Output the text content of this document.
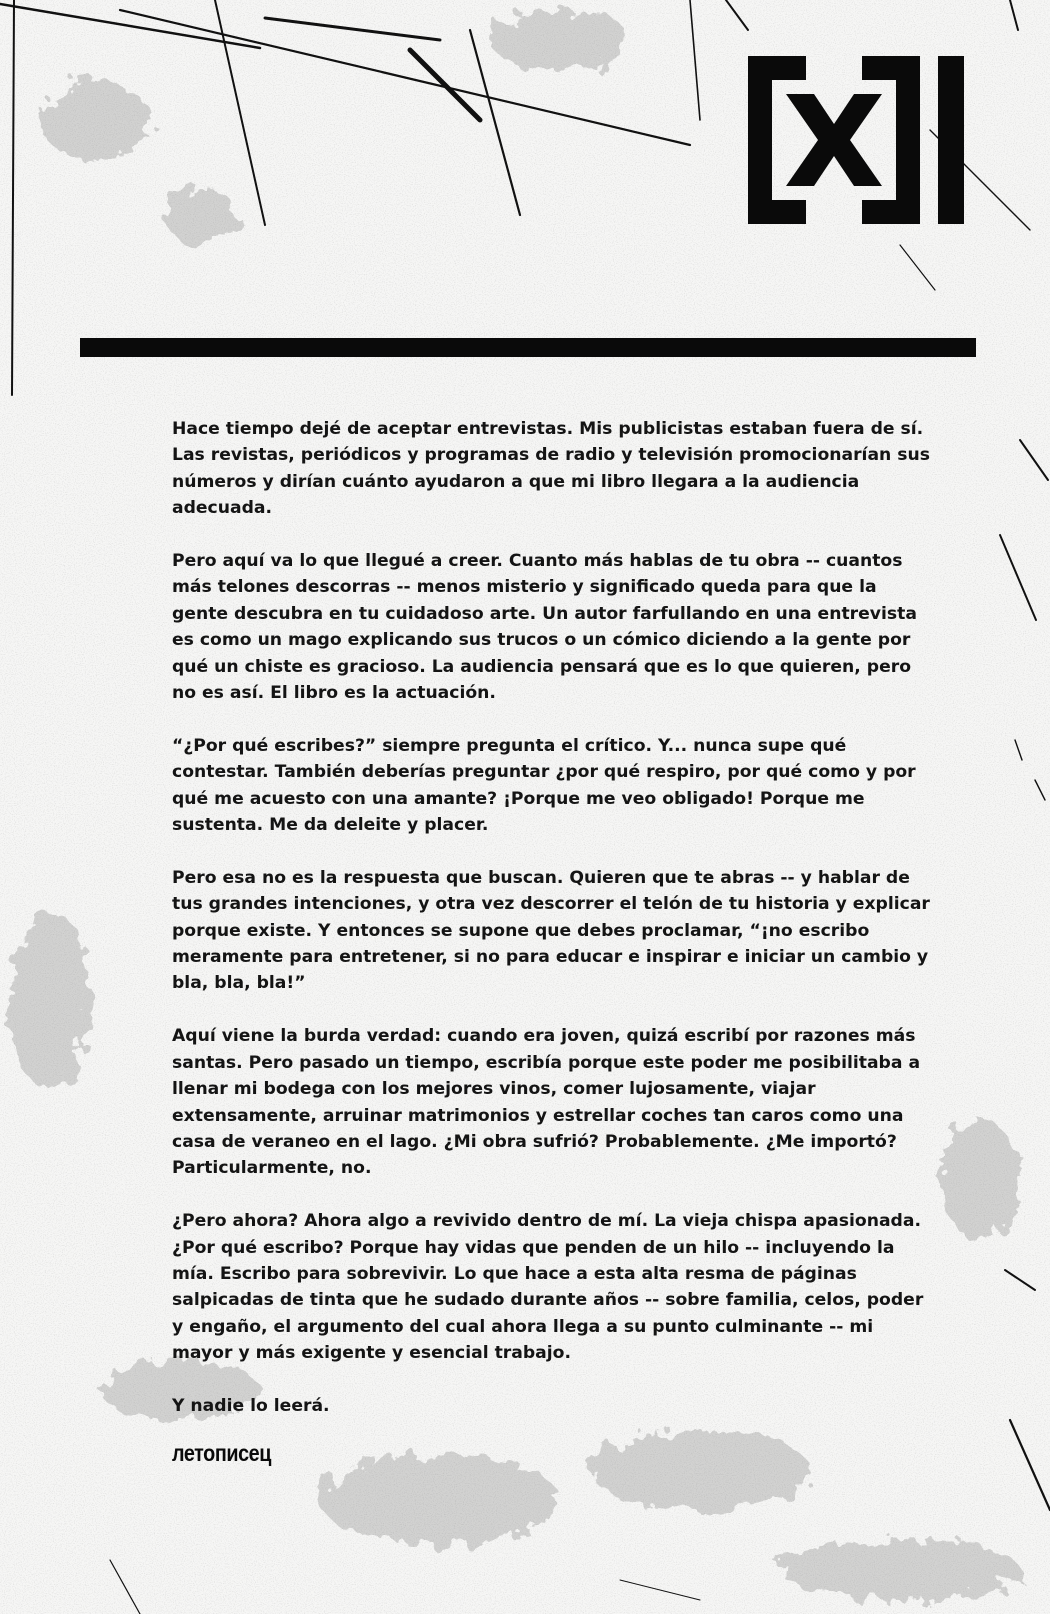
Hace tiempo dejé de aceptar entrevistas. Mis publicistas estaban fuera de sí. Las revistas, periódicos y programas de radio y televisión promocionarían sus números y dirían cuánto ayudaron a que mi libro llegara a la audiencia adecuada.

Pero aquí va lo que llegué a creer. Cuanto más hablas de tu obra -- cuantos más telones descorras -- menos misterio y significado queda para que la gente descubra en tu cuidadoso arte. Un autor farfullando en una entrevista es como un mago explicando sus trucos o un cómico diciendo a la gente por qué un chiste es gracioso. La audiencia pensará que es lo que quieren, pero no es así. El libro es la actuación.

“¿Por qué escribes?” siempre pregunta el crítico. Y... nunca supe qué contestar. También deberías preguntar ¿por qué respiro, por qué como y por qué me acuesto con una amante? ¡Porque me veo obligado! Porque me sustenta. Me da deleite y placer.

Pero esa no es la respuesta que buscan. Quieren que te abras -- y hablar de tus grandes intenciones, y otra vez descorrer el telón de tu historia y explicar porque existe. Y entonces se supone que debes proclamar, “¡no escribo meramente para entretener, si no para educar e inspirar e iniciar un cambio y bla, bla, bla!”

Aquí viene la burda verdad: cuando era joven, quizá escribí por razones más santas. Pero pasado un tiempo, escribía porque este poder me posibilitaba a llenar mi bodega con los mejores vinos, comer lujosamente, viajar extensamente, arruinar matrimonios y estrellar coches tan caros como una casa de veraneo en el lago. ¿Mi obra sufrió? Probablemente. ¿Me importó? Particularmente, no.

¿Pero ahora? Ahora algo a revivido dentro de mí. La vieja chispa apasionada. ¿Por qué escribo? Porque hay vidas que penden de un hilo -- incluyendo la mía. Escribo para sobrevivir. Lo que hace a esta alta resma de páginas salpicadas de tinta que he sudado durante años -- sobre familia, celos, poder y engaño, el argumento del cual ahora llega a su punto culminante -- mi mayor y más exigente y esencial trabajo.

Y nadie lo leerá.

летописец
